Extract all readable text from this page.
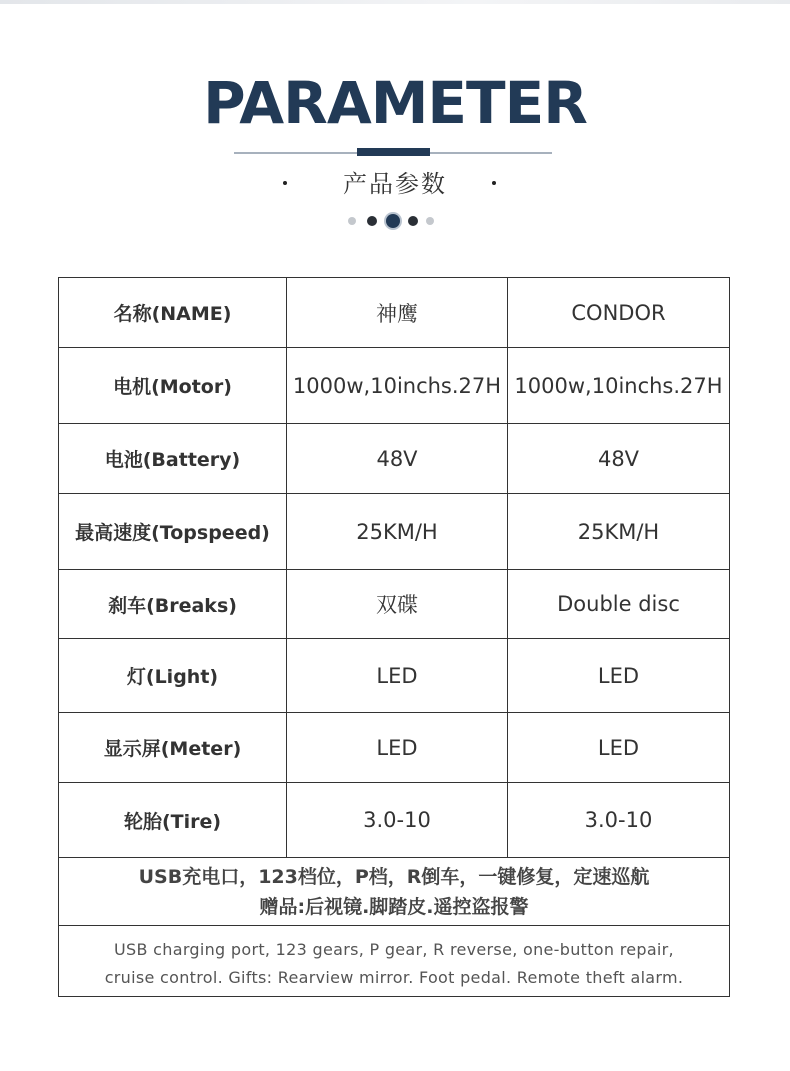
PARAMETER
产品参数
名称(NAME)	神鹰	CONDOR
电机(Motor)	1000w,10inchs.27H 1000w,10inchs.27H
电池(Battery)	48V	48V
最高速度(Topspeed)	25KM/H	25KM/H
刹车(Breaks)	双碟	Double disc
灯(Light)	LED	LED
显示屏(Meter)	LED	LED
轮胎(Tire)	3.0-10	3.0-10
USB充电口，123档位，P档，R倒车，一键修复，定速巡航
赠品:后视镜.脚踏皮.遥控盗报警
USB charging port, 123 gears, P gear, R reverse, one-button repair,
cruise control. Gifts: Rearview mirror. Foot pedal. Remote theft alarm.
